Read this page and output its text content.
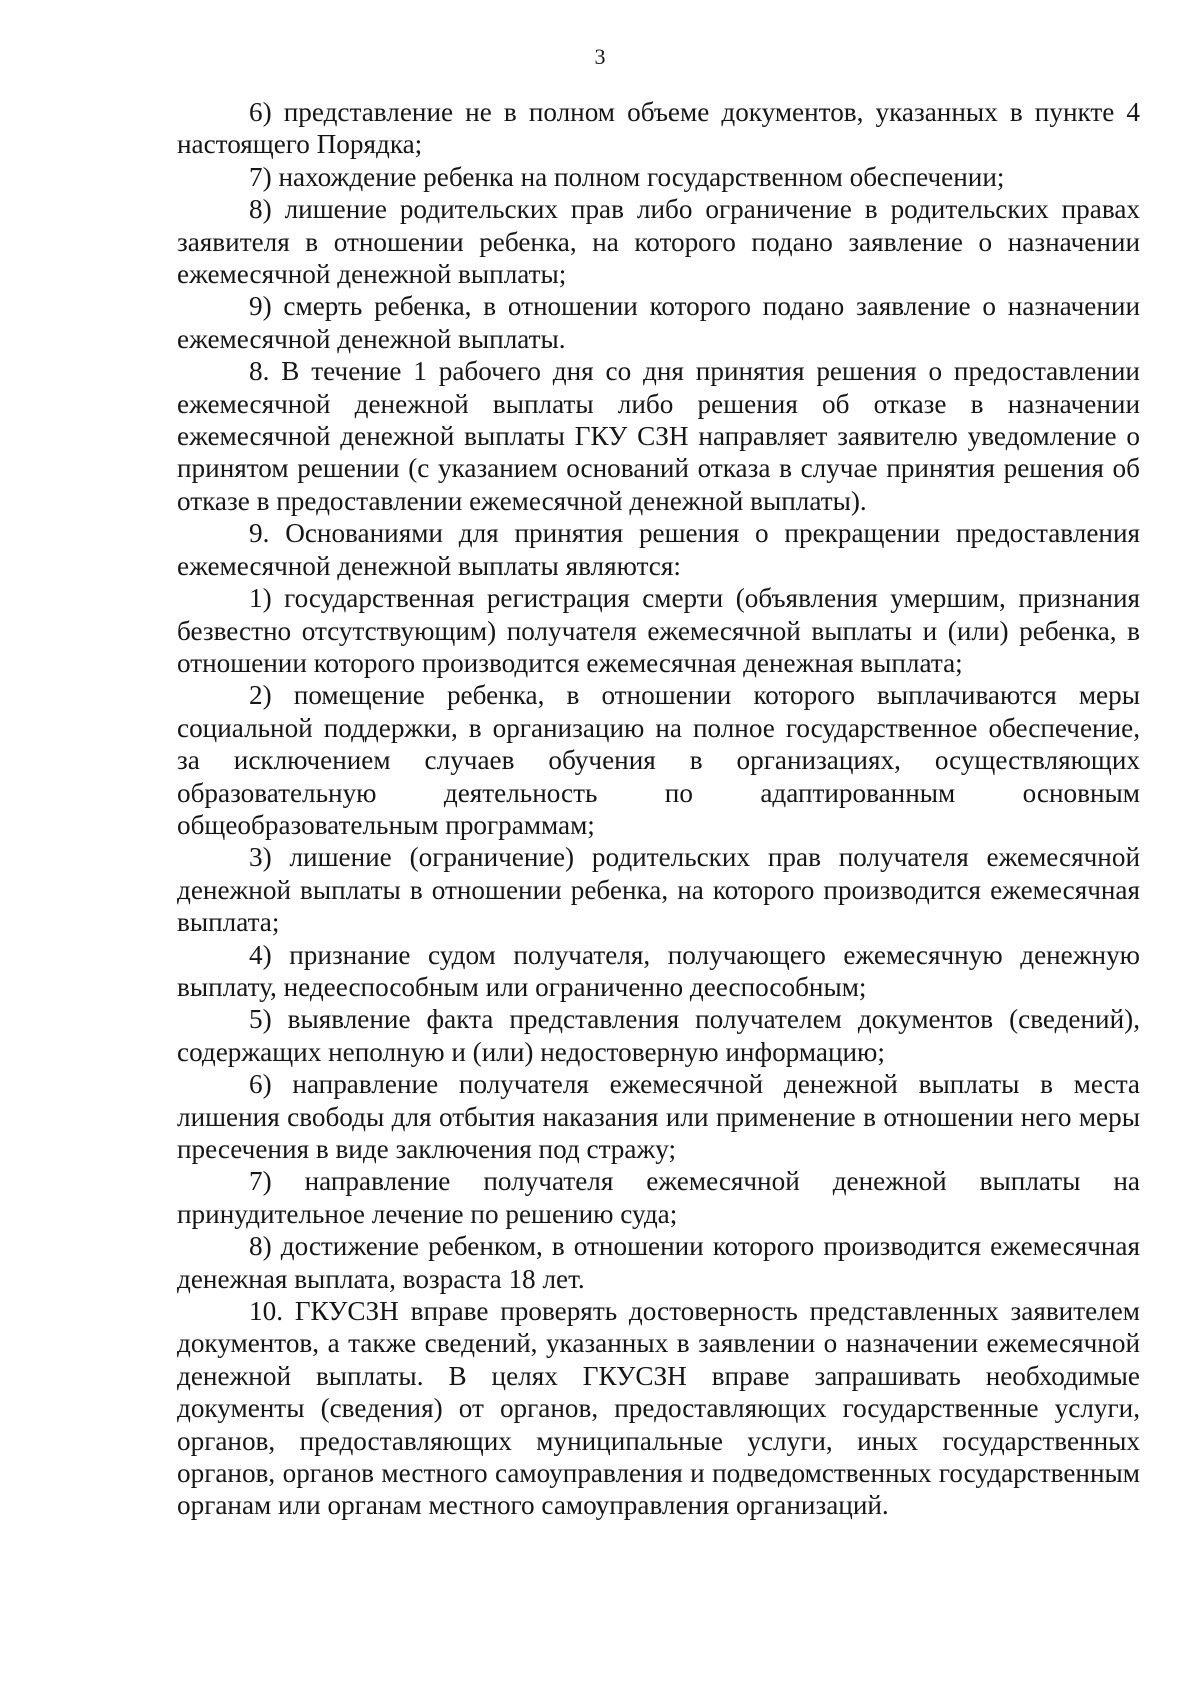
3

6) представление не в полном объеме документов, указанных в пункте 4 настоящего Порядка;

7) нахождение ребенка на полном государственном обеспечении;

8) лишение родительских прав либо ограничение в родительских правах заявителя в отношении ребенка, на которого подано заявление о назначении ежемесячной денежной выплаты;

9) смерть ребенка, в отношении которого подано заявление о назначении ежемесячной денежной выплаты.

8. В течение 1 рабочего дня со дня принятия решения о предоставлении ежемесячной денежной выплаты либо решения об отказе в назначении ежемесячной денежной выплаты ГКУ СЗН направляет заявителю уведомление о принятом решении (с указанием оснований отказа в случае принятия решения об отказе в предоставлении ежемесячной денежной выплаты).

9. Основаниями для принятия решения о прекращении предоставления ежемесячной денежной выплаты являются:

1) государственная регистрация смерти (объявления умершим, признания безвестно отсутствующим) получателя ежемесячной выплаты и (или) ребенка, в отношении которого производится ежемесячная денежная выплата;

2) помещение ребенка, в отношении которого выплачиваются меры социальной поддержки, в организацию на полное государственное обеспечение, за исключением случаев обучения в организациях, осуществляющих образовательную деятельность по адаптированным основным общеобразовательным программам;

3) лишение (ограничение) родительских прав получателя ежемесячной денежной выплаты в отношении ребенка, на которого производится ежемесячная выплата;

4) признание судом получателя, получающего ежемесячную денежную выплату, недееспособным или ограниченно дееспособным;

5) выявление факта представления получателем документов (сведений), содержащих неполную и (или) недостоверную информацию;

6) направление получателя ежемесячной денежной выплаты в места лишения свободы для отбытия наказания или применение в отношении него меры пресечения в виде заключения под стражу;

7) направление получателя ежемесячной денежной выплаты на принудительное лечение по решению суда;

8) достижение ребенком, в отношении которого производится ежемесячная денежная выплата, возраста 18 лет.

10. ГКУСЗН вправе проверять достоверность представленных заявителем документов, а также сведений, указанных в заявлении о назначении ежемесячной денежной выплаты. В целях ГКУСЗН вправе запрашивать необходимые документы (сведения) от органов, предоставляющих государственные услуги, органов, предоставляющих муниципальные услуги, иных государственных органов, органов местного самоуправления и подведомственных государственным органам или органам местного самоуправления организаций.
